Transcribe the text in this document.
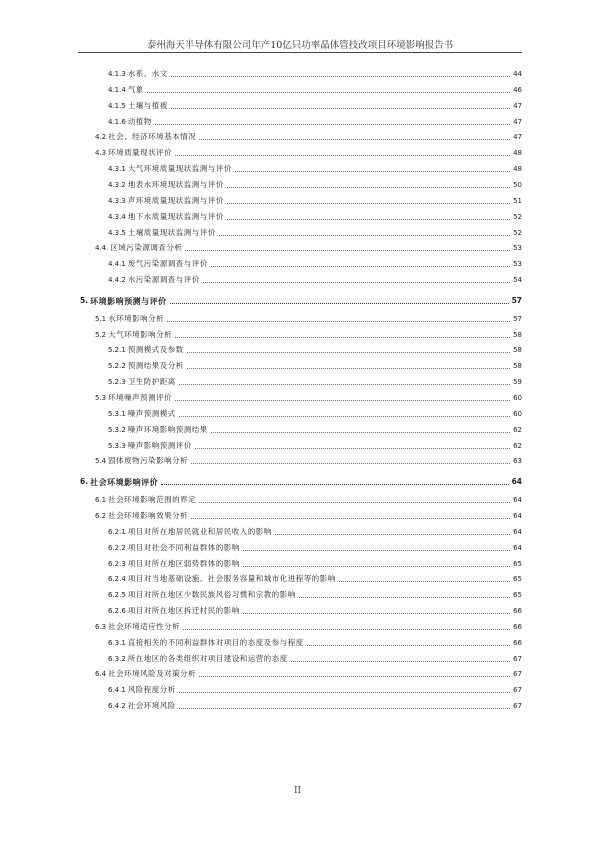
泰州海天半导体有限公司年产10亿只功率晶体管技改项目环境影响报告书
4.1.3 水系、水文	44
4.1.4 气象	46
4.1.5 土壤与植被	47
4.1.6 动植物	47
4.2 社会、经济环境基本情况	47
4.3 环境质量现状评价	48
4.3.1 大气环境质量现状监测与评价	48
4.3.2 地表水环境现状监测与评价	50
4.3.3 声环境质量现状监测与评价	51
4.3.4 地下水质量现状监测与评价	52
4.3.5 土壤质量现状监测与评价	52
4.4. 区域污染源调查分析	53
4.4.1 废气污染源调查与评价	53
4.4.2 水污染源调查与评价	54
5. 环境影响预测与评价	57
5.1 水环境影响分析	57
5.2 大气环境影响分析	58
5.2.1 预测模式及参数	58
5.2.2 预测结果及分析	58
5.2.3 卫生防护距离	59
5.3 环境噪声预测评价	60
5.3.1 噪声预测模式	60
5.3.2 噪声环境影响预测结果	62
5.3.3 噪声影响预测评价	62
5.4 固体废物污染影响分析	63
6. 社会环境影响评价	64
6.1 社会环境影响范围的界定	64
6.2 社会环境影响效果分析	64
6.2.1 项目对所在地居民就业和居民收入的影响	64
6.2.2 项目对社会不同利益群体的影响	64
6.2.3 项目对所在地区弱势群体的影响	65
6.2.4 项目对当地基础设施、社会服务容量和城市化进程等的影响	65
6.2.5 项目对所在地区少数民族风俗习惯和宗教的影响	65
6.2.6 项目对所在地区拆迁村民的影响	66
6.3 社会环境适应性分析	66
6.3.1 直接相关的不同利益群体对项目的态度及参与程度	66
6.3.2 所在地区的各类组织对项目建设和运营的态度	67
6.4 社会环境风险及对策分析	67
6.4.1 风险程度分析	67
6.4.2 社会环境风险	67
II
